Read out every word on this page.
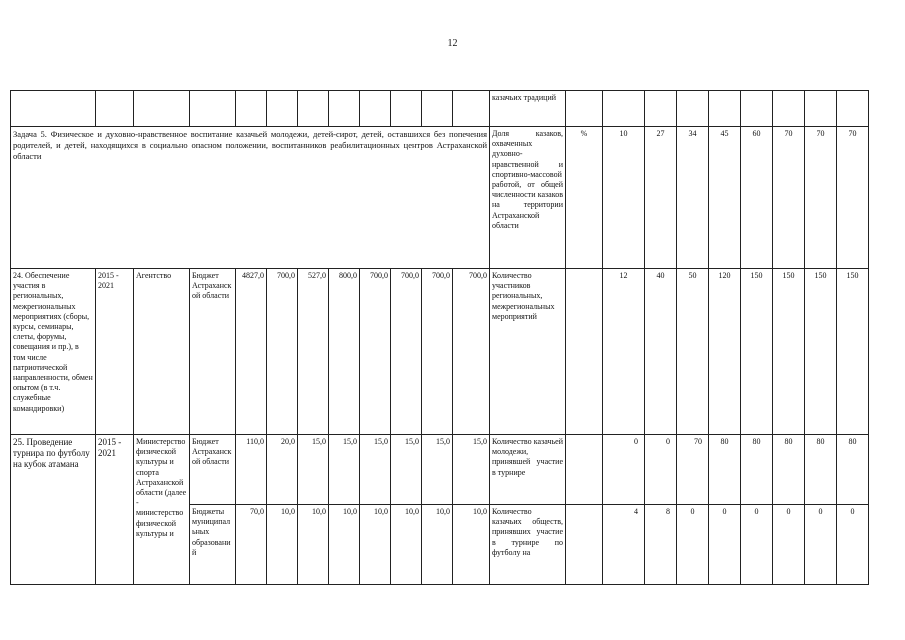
12
												казачьих традиций									
Задача 5. Физическое и духовно-нравственное воспитание казачьей молодежи, детей-сирот, детей, оставшихся без попечения родителей, и детей, находящихся в социально опасном положении, воспитанников реабилитационных центров Астраханской области												Доля казаков, охваченных духовно-нравственной и спортивно-массовой работой, от общей численности казаков на территории Астраханской области	%	10	27	34	45	60	70	70	70
24. Обеспечение участия в региональных, межрегиональных мероприятиях (сборы, курсы, семинары, слеты, форумы, совещания и пр.), в том числе патриотической направленности, обмен опытом (в т.ч. служебные командировки)	2015 - 2021	Агентство	Бюджет Астраханской области	4827,0	700,0	527,0	800,0	700,0	700,0	700,0	700,0	Количество участников региональных, межрегиональных мероприятий		12	40	50	120	150	150	150	150
25. Проведение турнира по футболу на кубок атамана	2015 - 2021	Министерство физической культуры и спорта Астраханской области (далее - министерство физической культуры и	Бюджет Астраханской области	110,0	20,0	15,0	15,0	15,0	15,0	15,0	15,0	Количество казачьей молодежи, принявшей участие в турнире		0	0	70	80	80	80	80	80
			Бюджеты муниципальных образований	70,0	10,0	10,0	10,0	10,0	10,0	10,0	10,0	Количество казачьих обществ, принявших участие в турнире по футболу на		4	8	0	0	0	0	0	0
